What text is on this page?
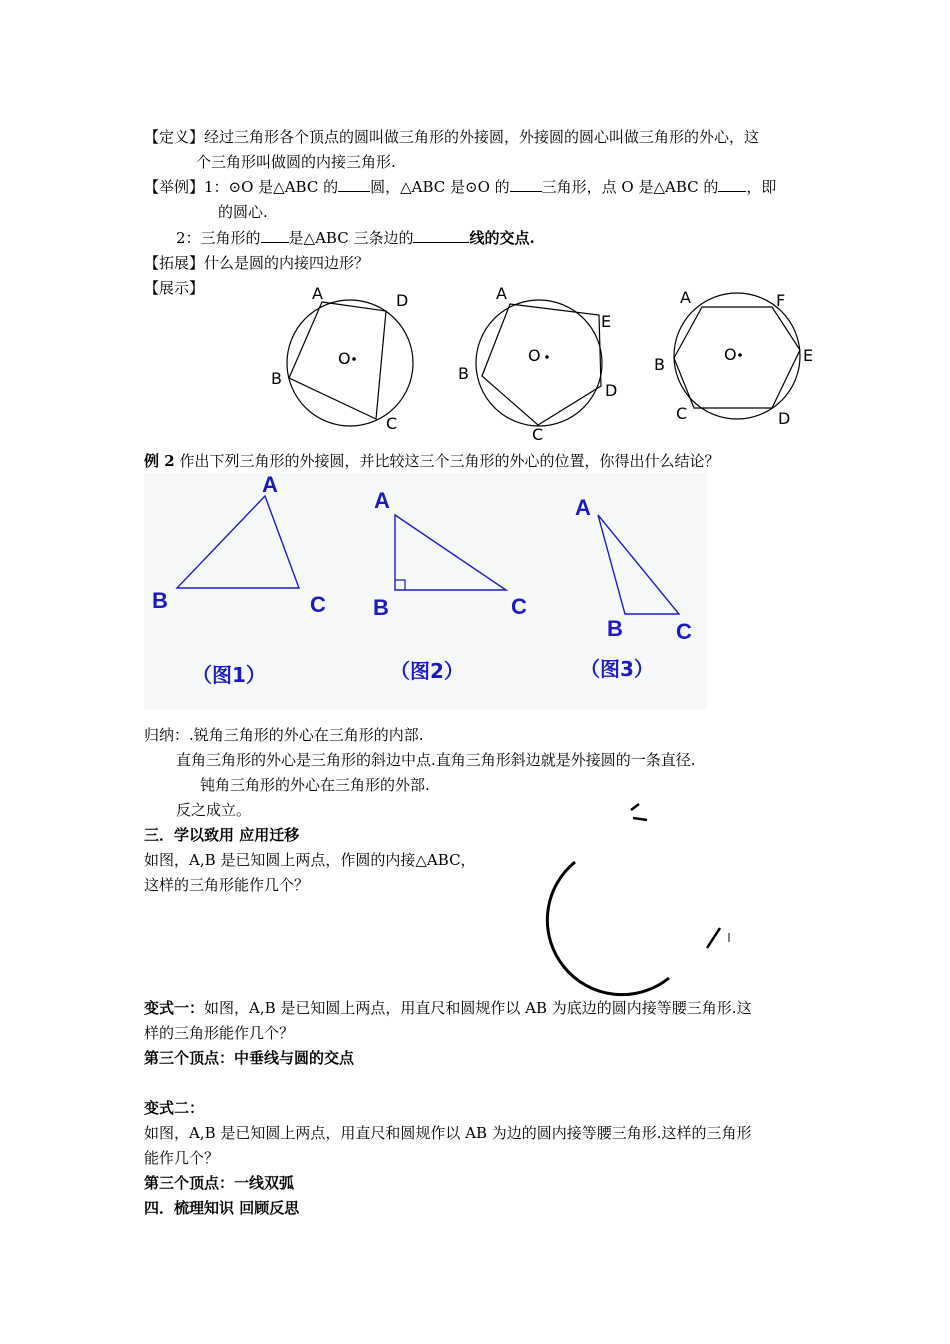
【定义】经过三角形各个顶点的圆叫做三角形的外接圆，外接圆的圆心叫做三角形的外心，这
个三角形叫做圆的内接三角形.
【举例】1：⊙O 是△ABC 的 圆，△ABC 是⊙O 的 三角形，点 O 是△ABC 的 ，即
的圆心.
2：三角形的 是△ABC 三条边的	线的交点.
【拓展】什么是圆的内接四边形？
【展示】
O
A	D
B
C
O
A
E
B
D
C
O
A	F
B	E
C	D
例 2 作出下列三角形的外接圆，并比较这三个三角形的外心的位置，你得出什么结论？
A
B	C
（图1）
A
B	C
（图2）
A
B C
（图3）
归纳：.锐角三角形的外心在三角形的内部.
直角三角形的外心是三角形的斜边中点.直角三角形斜边就是外接圆的一条直径.
钝角三角形的外心在三角形的外部.
反之成立。
三．学以致用 应用迁移
如图，A,B 是已知圆上两点，作圆的内接△ABC，
这样的三角形能作几个？
变式一：如图，A,B 是已知圆上两点，用直尺和圆规作以 AB 为底边的圆内接等腰三角形.这
样的三角形能作几个？
第三个顶点：中垂线与圆的交点
变式二：
如图，A,B 是已知圆上两点，用直尺和圆规作以 AB 为边的圆内接等腰三角形.这样的三角形
能作几个？
第三个顶点：一线双弧
四．梳理知识 回顾反思
